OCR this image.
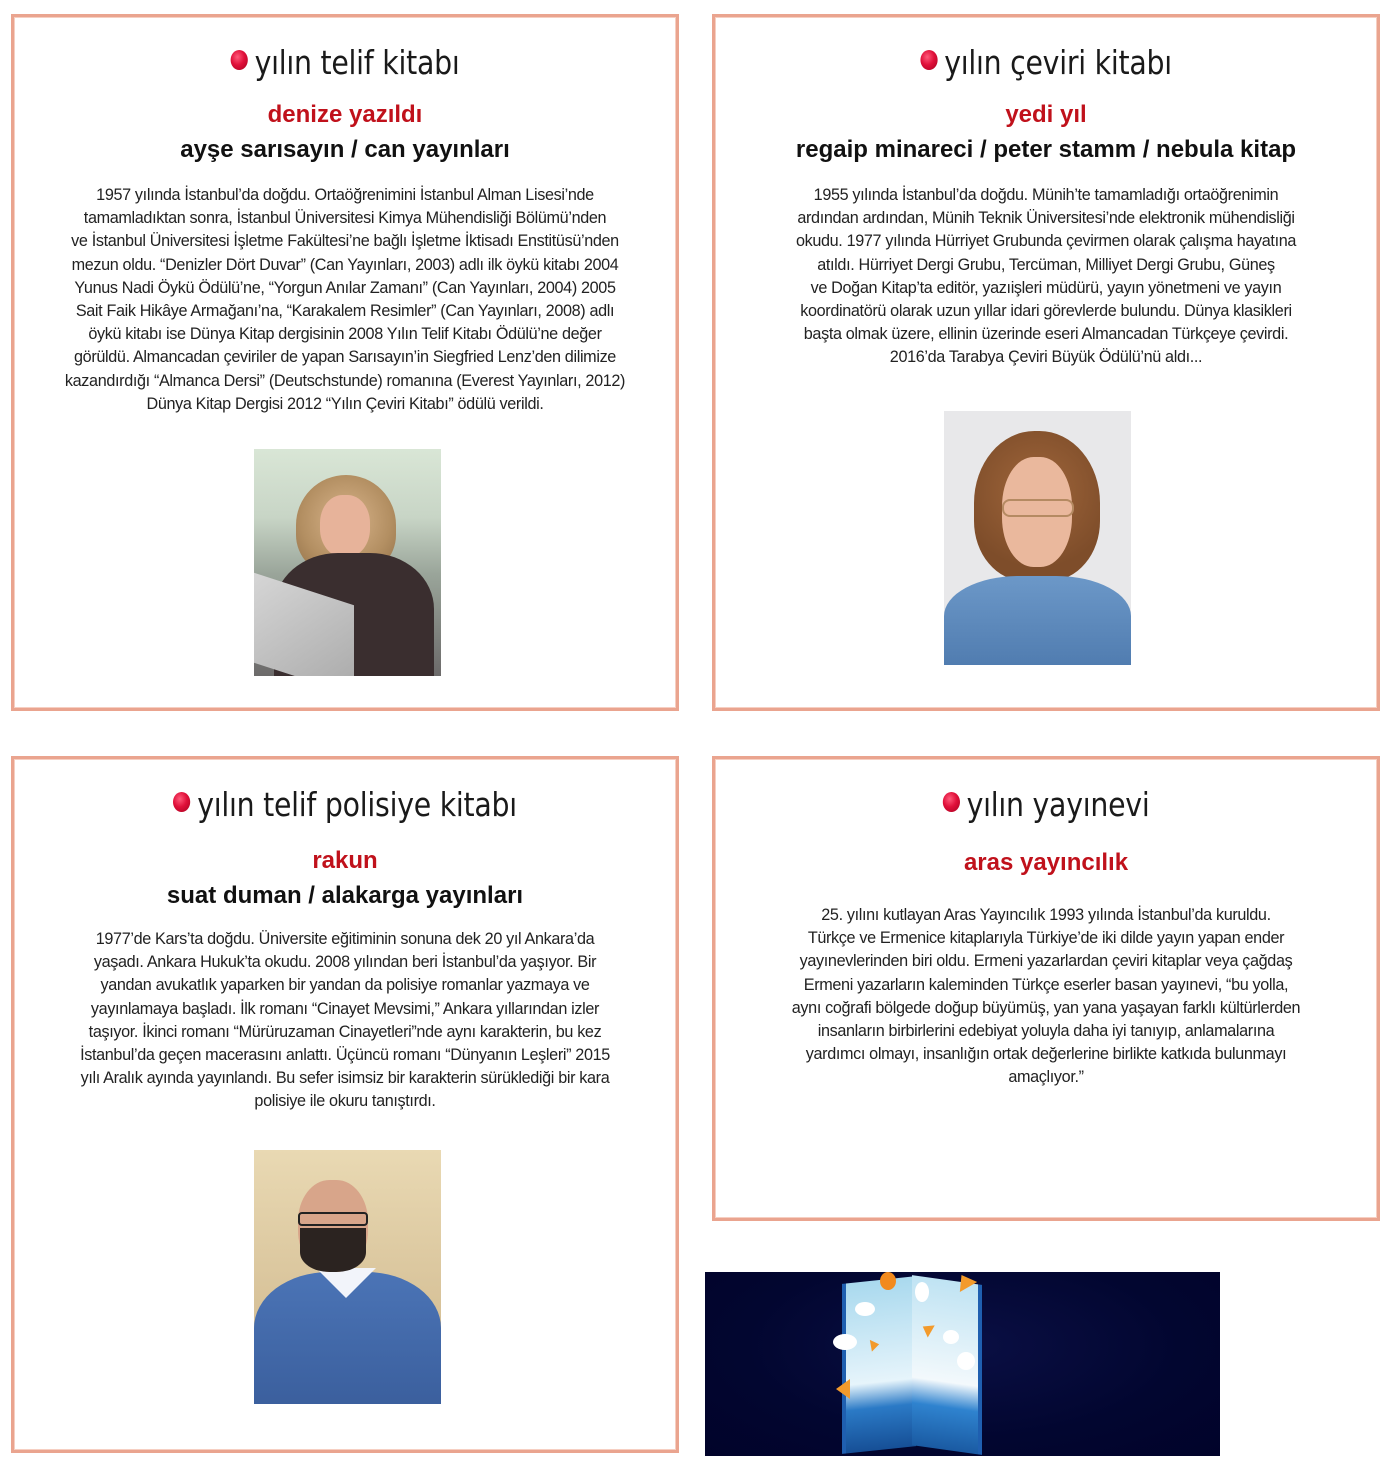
yılın telif kitabı
denize yazıldı
ayşe sarısayın / can yayınları
1957 yılında İstanbul’da doğdu. Ortaöğrenimini İstanbul Alman Lisesi’nde
tamamladıktan sonra, İstanbul Üniversitesi Kimya Mühendisliği Bölümü’nden
ve İstanbul Üniversitesi İşletme Fakültesi’ne bağlı İşletme İktisadı Enstitüsü’nden
mezun oldu. “Denizler Dört Duvar” (Can Yayınları, 2003) adlı ilk öykü kitabı 2004
Yunus Nadi Öykü Ödülü’ne, “Yorgun Anılar Zamanı” (Can Yayınları, 2004) 2005
Sait Faik Hikâye Armağanı’na, “Karakalem Resimler” (Can Yayınları, 2008) adlı
öykü kitabı ise Dünya Kitap dergisinin 2008 Yılın Telif Kitabı Ödülü’ne değer
görüldü. Almancadan çeviriler de yapan Sarısayın’in Siegfried Lenz’den dilimize
kazandırdığı “Almanca Dersi” (Deutschstunde) romanına (Everest Yayınları, 2012)
Dünya Kitap Dergisi 2012 “Yılın Çeviri Kitabı” ödülü verildi.
yılın çeviri kitabı
yedi yıl
regaip minareci / peter stamm / nebula kitap
1955 yılında İstanbul’da doğdu. Münih’te tamamladığı ortaöğrenimin
ardından ardından, Münih Teknik Üniversitesi’nde elektronik mühendisliği
okudu. 1977 yılında Hürriyet Grubunda çevirmen olarak çalışma hayatına
atıldı. Hürriyet Dergi Grubu, Tercüman, Milliyet Dergi Grubu, Güneş
ve Doğan Kitap’ta editör, yazıişleri müdürü, yayın yönetmeni ve yayın
koordinatörü olarak uzun yıllar idari görevlerde bulundu. Dünya klasikleri
başta olmak üzere, ellinin üzerinde eseri Almancadan Türkçeye çevirdi.
2016’da Tarabya Çeviri Büyük Ödülü’nü aldı...
yılın telif polisiye kitabı
rakun
suat duman / alakarga yayınları
1977’de Kars’ta doğdu. Üniversite eğitiminin sonuna dek 20 yıl Ankara’da
yaşadı. Ankara Hukuk’ta okudu. 2008 yılından beri İstanbul’da yaşıyor. Bir
yandan avukatlık yaparken bir yandan da polisiye romanlar yazmaya ve
yayınlamaya başladı. İlk romanı “Cinayet Mevsimi,” Ankara yıllarından izler
taşıyor. İkinci romanı “Mürüruzaman Cinayetleri”nde aynı karakterin, bu kez
İstanbul’da geçen macerasını anlattı. Üçüncü romanı “Dünyanın Leşleri” 2015
yılı Aralık ayında yayınlandı. Bu sefer isimsiz bir karakterin sürüklediği bir kara
polisiye ile okuru tanıştırdı.
yılın yayınevi
aras yayıncılık
25. yılını kutlayan Aras Yayıncılık 1993 yılında İstanbul’da kuruldu.
Türkçe ve Ermenice kitaplarıyla Türkiye’de iki dilde yayın yapan ender
yayınevlerinden biri oldu. Ermeni yazarlardan çeviri kitaplar veya çağdaş
Ermeni yazarların kaleminden Türkçe eserler basan yayınevi, “bu yolla,
aynı coğrafi bölgede doğup büyümüş, yan yana yaşayan farklı kültürlerden
insanların birbirlerini edebiyat yoluyla daha iyi tanıyıp, anlamalarına
yardımcı olmayı, insanlığın ortak değerlerine birlikte katkıda bulunmayı
amaçlıyor.”
